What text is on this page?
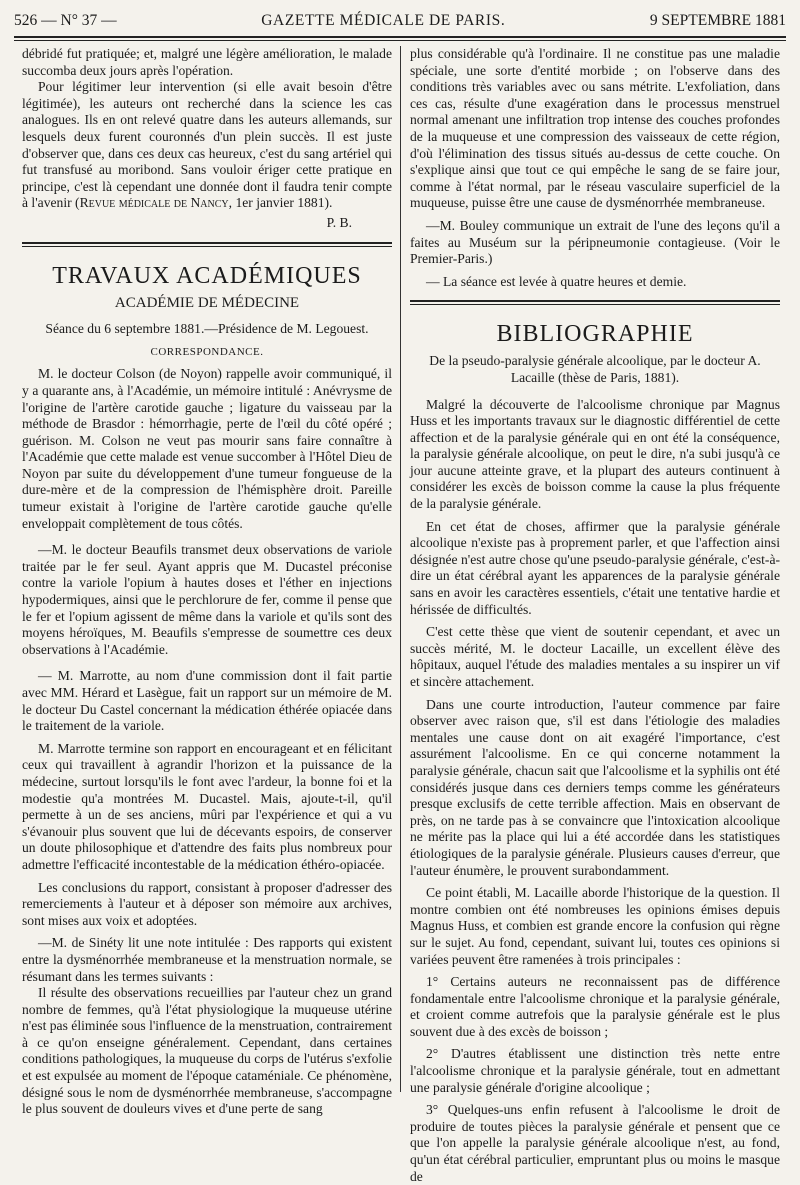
526 — N° 37 —	GAZETTE MÉDICALE DE PARIS.	9 SEPTEMBRE 1881

débridé fut pratiquée; et, malgré une légère amélioration, le malade succomba deux jours après l'opération.

Pour légitimer leur intervention (si elle avait besoin d'être légitimée), les auteurs ont recherché dans la science les cas analogues. Ils en ont relevé quatre dans les auteurs allemands, sur lesquels deux furent couronnés d'un plein succès. Il est juste d'observer que, dans ces deux cas heureux, c'est du sang artériel qui fut transfusé au moribond. Sans vouloir ériger cette pratique en principe, c'est là cependant une donnée dont il faudra tenir compte à l'avenir (Revue médicale de Nancy, 1er janvier 1881).

P. B.
TRAVAUX ACADÉMIQUES
ACADÉMIE DE MÉDECINE

Séance du 6 septembre 1881.—Présidence de M. Legouest.

CORRESPONDANCE.

M. le docteur Colson (de Noyon) rappelle avoir communiqué, il y a quarante ans, à l'Académie, un mémoire intitulé : Anévrysme de l'origine de l'artère carotide gauche ; ligature du vaisseau par la méthode de Brasdor : hémorrhagie, perte de l'œil du côté opéré ; guérison. M. Colson ne veut pas mourir sans faire connaître à l'Académie que cette malade est venue succomber à l'Hôtel Dieu de Noyon par suite du développement d'une tumeur fongueuse de la dure-mère et de la compression de l'hémisphère droit. Pareille tumeur existait à l'origine de l'artère carotide gauche qu'elle enveloppait complètement de tous côtés.

—M. le docteur Beaufils transmet deux observations de variole traitée par le fer seul. Ayant appris que M. Ducastel préconise contre la variole l'opium à hautes doses et l'éther en injections hypodermiques, ainsi que le perchlorure de fer, comme il pense que le fer et l'opium agissent de même dans la variole et qu'ils sont des moyens héroïques, M. Beaufils s'empresse de soumettre ces deux observations à l'Académie.

— M. Marrotte, au nom d'une commission dont il fait partie avec MM. Hérard et Lasègue, fait un rapport sur un mémoire de M. le docteur Du Castel concernant la médication éthérée opiacée dans le traitement de la variole.

M. Marrotte termine son rapport en encourageant et en félicitant ceux qui travaillent à agrandir l'horizon et la puissance de la médecine, surtout lorsqu'ils le font avec l'ardeur, la bonne foi et la modestie qu'a montrées M. Ducastel. Mais, ajoute-t-il, qu'il permette à un de ses anciens, mûri par l'expérience et qui a vu s'évanouir plus souvent que lui de décevants espoirs, de conserver un doute philosophique et d'attendre des faits plus nombreux pour admettre l'efficacité incontestable de la médication éthéro-opiacée.

Les conclusions du rapport, consistant à proposer d'adresser des remerciements à l'auteur et à déposer son mémoire aux archives, sont mises aux voix et adoptées.

—M. de Sinéty lit une note intitulée : Des rapports qui existent entre la dysménorrhée membraneuse et la menstruation normale, se résumant dans les termes suivants :

Il résulte des observations recueillies par l'auteur chez un grand nombre de femmes, qu'à l'état physiologique la muqueuse utérine n'est pas éliminée sous l'influence de la menstruation, contrairement à ce qu'on enseigne généralement. Cependant, dans certaines conditions pathologiques, la muqueuse du corps de l'utérus s'exfolie et est expulsée au moment de l'époque cataméniale. Ce phénomène, désigné sous le nom de dysménorrhée membraneuse, s'accompagne le plus souvent de douleurs vives et d'une perte de sang

plus considérable qu'à l'ordinaire. Il ne constitue pas une maladie spéciale, une sorte d'entité morbide ; on l'observe dans des conditions très variables avec ou sans métrite. L'exfoliation, dans ces cas, résulte d'une exagération dans le processus menstruel normal amenant une infiltration trop intense des couches profondes de la muqueuse et une compression des vaisseaux de cette région, d'où l'élimination des tissus situés au-dessus de cette couche. On s'explique ainsi que tout ce qui empêche le sang de se faire jour, comme à l'état normal, par le réseau vasculaire superficiel de la muqueuse, puisse être une cause de dysménorrhée membraneuse.

—M. Bouley communique un extrait de l'une des leçons qu'il a faites au Muséum sur la péripneumonie contagieuse. (Voir le Premier-Paris.)

— La séance est levée à quatre heures et demie.

BIBLIOGRAPHIE

De la pseudo-paralysie générale alcoolique, par le docteur A. Lacaille (thèse de Paris, 1881).

Malgré la découverte de l'alcoolisme chronique par Magnus Huss et les importants travaux sur le diagnostic différentiel de cette affection et de la paralysie générale qui en ont été la conséquence, la paralysie générale alcoolique, on peut le dire, n'a subi jusqu'à ce jour aucune atteinte grave, et la plupart des auteurs continuent à considérer les excès de boisson comme la cause la plus fréquente de la paralysie générale.

En cet état de choses, affirmer que la paralysie générale alcoolique n'existe pas à proprement parler, et que l'affection ainsi désignée n'est autre chose qu'une pseudo-paralysie générale, c'est-à-dire un état cérébral ayant les apparences de la paralysie générale sans en avoir les caractères essentiels, c'était une tentative hardie et hérissée de difficultés.

C'est cette thèse que vient de soutenir cependant, et avec un succès mérité, M. le docteur Lacaille, un excellent élève des hôpitaux, auquel l'étude des maladies mentales a su inspirer un vif et sincère attachement.

Dans une courte introduction, l'auteur commence par faire observer avec raison que, s'il est dans l'étiologie des maladies mentales une cause dont on ait exagéré l'importance, c'est assurément l'alcoolisme. En ce qui concerne notamment la paralysie générale, chacun sait que l'alcoolisme et la syphilis ont été considérés jusque dans ces derniers temps comme les générateurs presque exclusifs de cette terrible affection. Mais en observant de près, on ne tarde pas à se convaincre que l'intoxication alcoolique ne mérite pas la place qui lui a été accordée dans les statistiques étiologiques de la paralysie générale. Plusieurs causes d'erreur, que l'auteur énumère, le prouvent surabondamment.

Ce point établi, M. Lacaille aborde l'historique de la question. Il montre combien ont été nombreuses les opinions émises depuis Magnus Huss, et combien est grande encore la confusion qui règne sur le sujet. Au fond, cependant, suivant lui, toutes ces opinions si variées peuvent être ramenées à trois principales :

1° Certains auteurs ne reconnaissent pas de différence fondamentale entre l'alcoolisme chronique et la paralysie générale, et croient comme autrefois que la paralysie générale est le plus souvent due à des excès de boisson ;

2° D'autres établissent une distinction très nette entre l'alcoolisme chronique et la paralysie générale, tout en admettant une paralysie générale d'origine alcoolique ;

3° Quelques-uns enfin refusent à l'alcoolisme le droit de produire de toutes pièces la paralysie générale et pensent que ce que l'on appelle la paralysie générale alcoolique n'est, au fond, qu'un état cérébral particulier, empruntant plus ou moins le masque de
